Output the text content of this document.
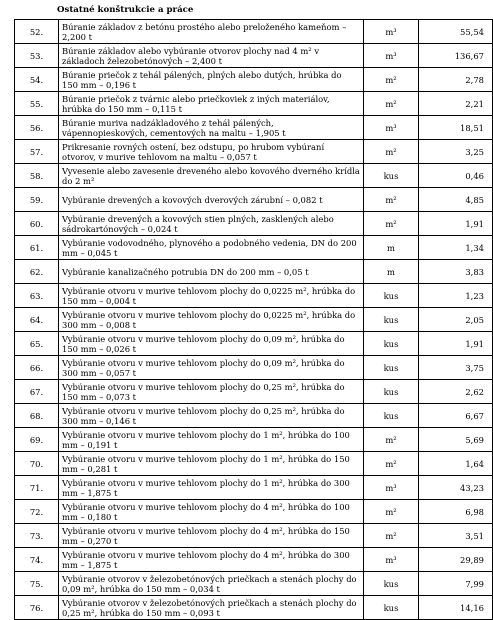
Ostatné konštrukcie a práce
52.	Búranie základov z betónu prostého alebo preloženého kameňom – 2,200 t	m³	55,54
53.	Búranie základov alebo vybúranie otvorov plochy nad 4 m² v základoch železobetónových – 2,400 t	m³	136,67
54.	Búranie priečok z tehál pálených, plných alebo dutých, hrúbka do 150 mm – 0,196 t	m²	2,78
55.	Búranie priečok z tvárnic alebo priečkoviek z iných materiálov, hrúbka do 150 mm – 0,115 t	m²	2,21
56.	Búranie muriva nadzákladového z tehál pálených, vápennopieskových, cementových na maltu – 1,905 t	m³	18,51
57.	Prikresanie rovných ostení, bez odstupu, po hrubom vybúraní otvorov, v murive tehlovom na maltu – 0,057 t	m²	3,25
58.	Vyvesenie alebo zavesenie dreveného alebo kovového dverného krídla do 2 m²	kus	0,46
59.	Vybúranie drevených a kovových dverových zárubní – 0,082 t	m²	4,85
60.	Vybúranie drevených a kovových stien plných, zasklených alebo sádrokartónových – 0,024 t	m²	1,91
61.	Vybúranie vodovodného, plynového a podobného vedenia, DN do 200 mm – 0,045 t	m	1,34
62.	Vybúranie kanalizačného potrubia DN do 200 mm – 0,05 t	m	3,83
63.	Vybúranie otvoru v murive tehlovom plochy do 0,0225 m², hrúbka do 150 mm – 0,004 t	kus	1,23
64.	Vybúranie otvoru v murive tehlovom plochy do 0,0225 m², hrúbka do 300 mm – 0,008 t	kus	2,05
65.	Vybúranie otvoru v murive tehlovom plochy do 0,09 m², hrúbka do 150 mm – 0,026 t	kus	1,91
66.	Vybúranie otvoru v murive tehlovom plochy do 0,09 m², hrúbka do 300 mm – 0,057 t	kus	3,75
67.	Vybúranie otvoru v murive tehlovom plochy do 0,25 m², hrúbka do 150 mm – 0,073 t	kus	2,62
68.	Vybúranie otvoru v murive tehlovom plochy do 0,25 m², hrúbka do 300 mm – 0,146 t	kus	6,67
69.	Vybúranie otvoru v murive tehlovom plochy do 1 m², hrúbka do 100 mm – 0,191 t	m²	5,69
70.	Vybúranie otvoru v murive tehlovom plochy do 1 m², hrúbka do 150 mm – 0,281 t	m²	1,64
71.	Vybúranie otvoru v murive tehlovom plochy do 1 m², hrúbka do 300 mm – 1,875 t	m³	43,23
72.	Vybúranie otvoru v murive tehlovom plochy do 4 m², hrúbka do 100 mm – 0,180 t	m²	6,98
73.	Vybúranie otvoru v murive tehlovom plochy do 4 m², hrúbka do 150 mm – 0,270 t	m²	3,51
74.	Vybúranie otvoru v murive tehlovom plochy do 4 m², hrúbka do 300 mm – 1,875 t	m³	29,89
75.	Vybúranie otvorov v železobetónových priečkach a stenách plochy do 0,09 m², hrúbka do 150 mm – 0,034 t	kus	7,99
76.	Vybúranie otvorov v železobetónových priečkach a stenách plochy do 0,25 m², hrúbka do 150 mm – 0,093 t	kus	14,16
